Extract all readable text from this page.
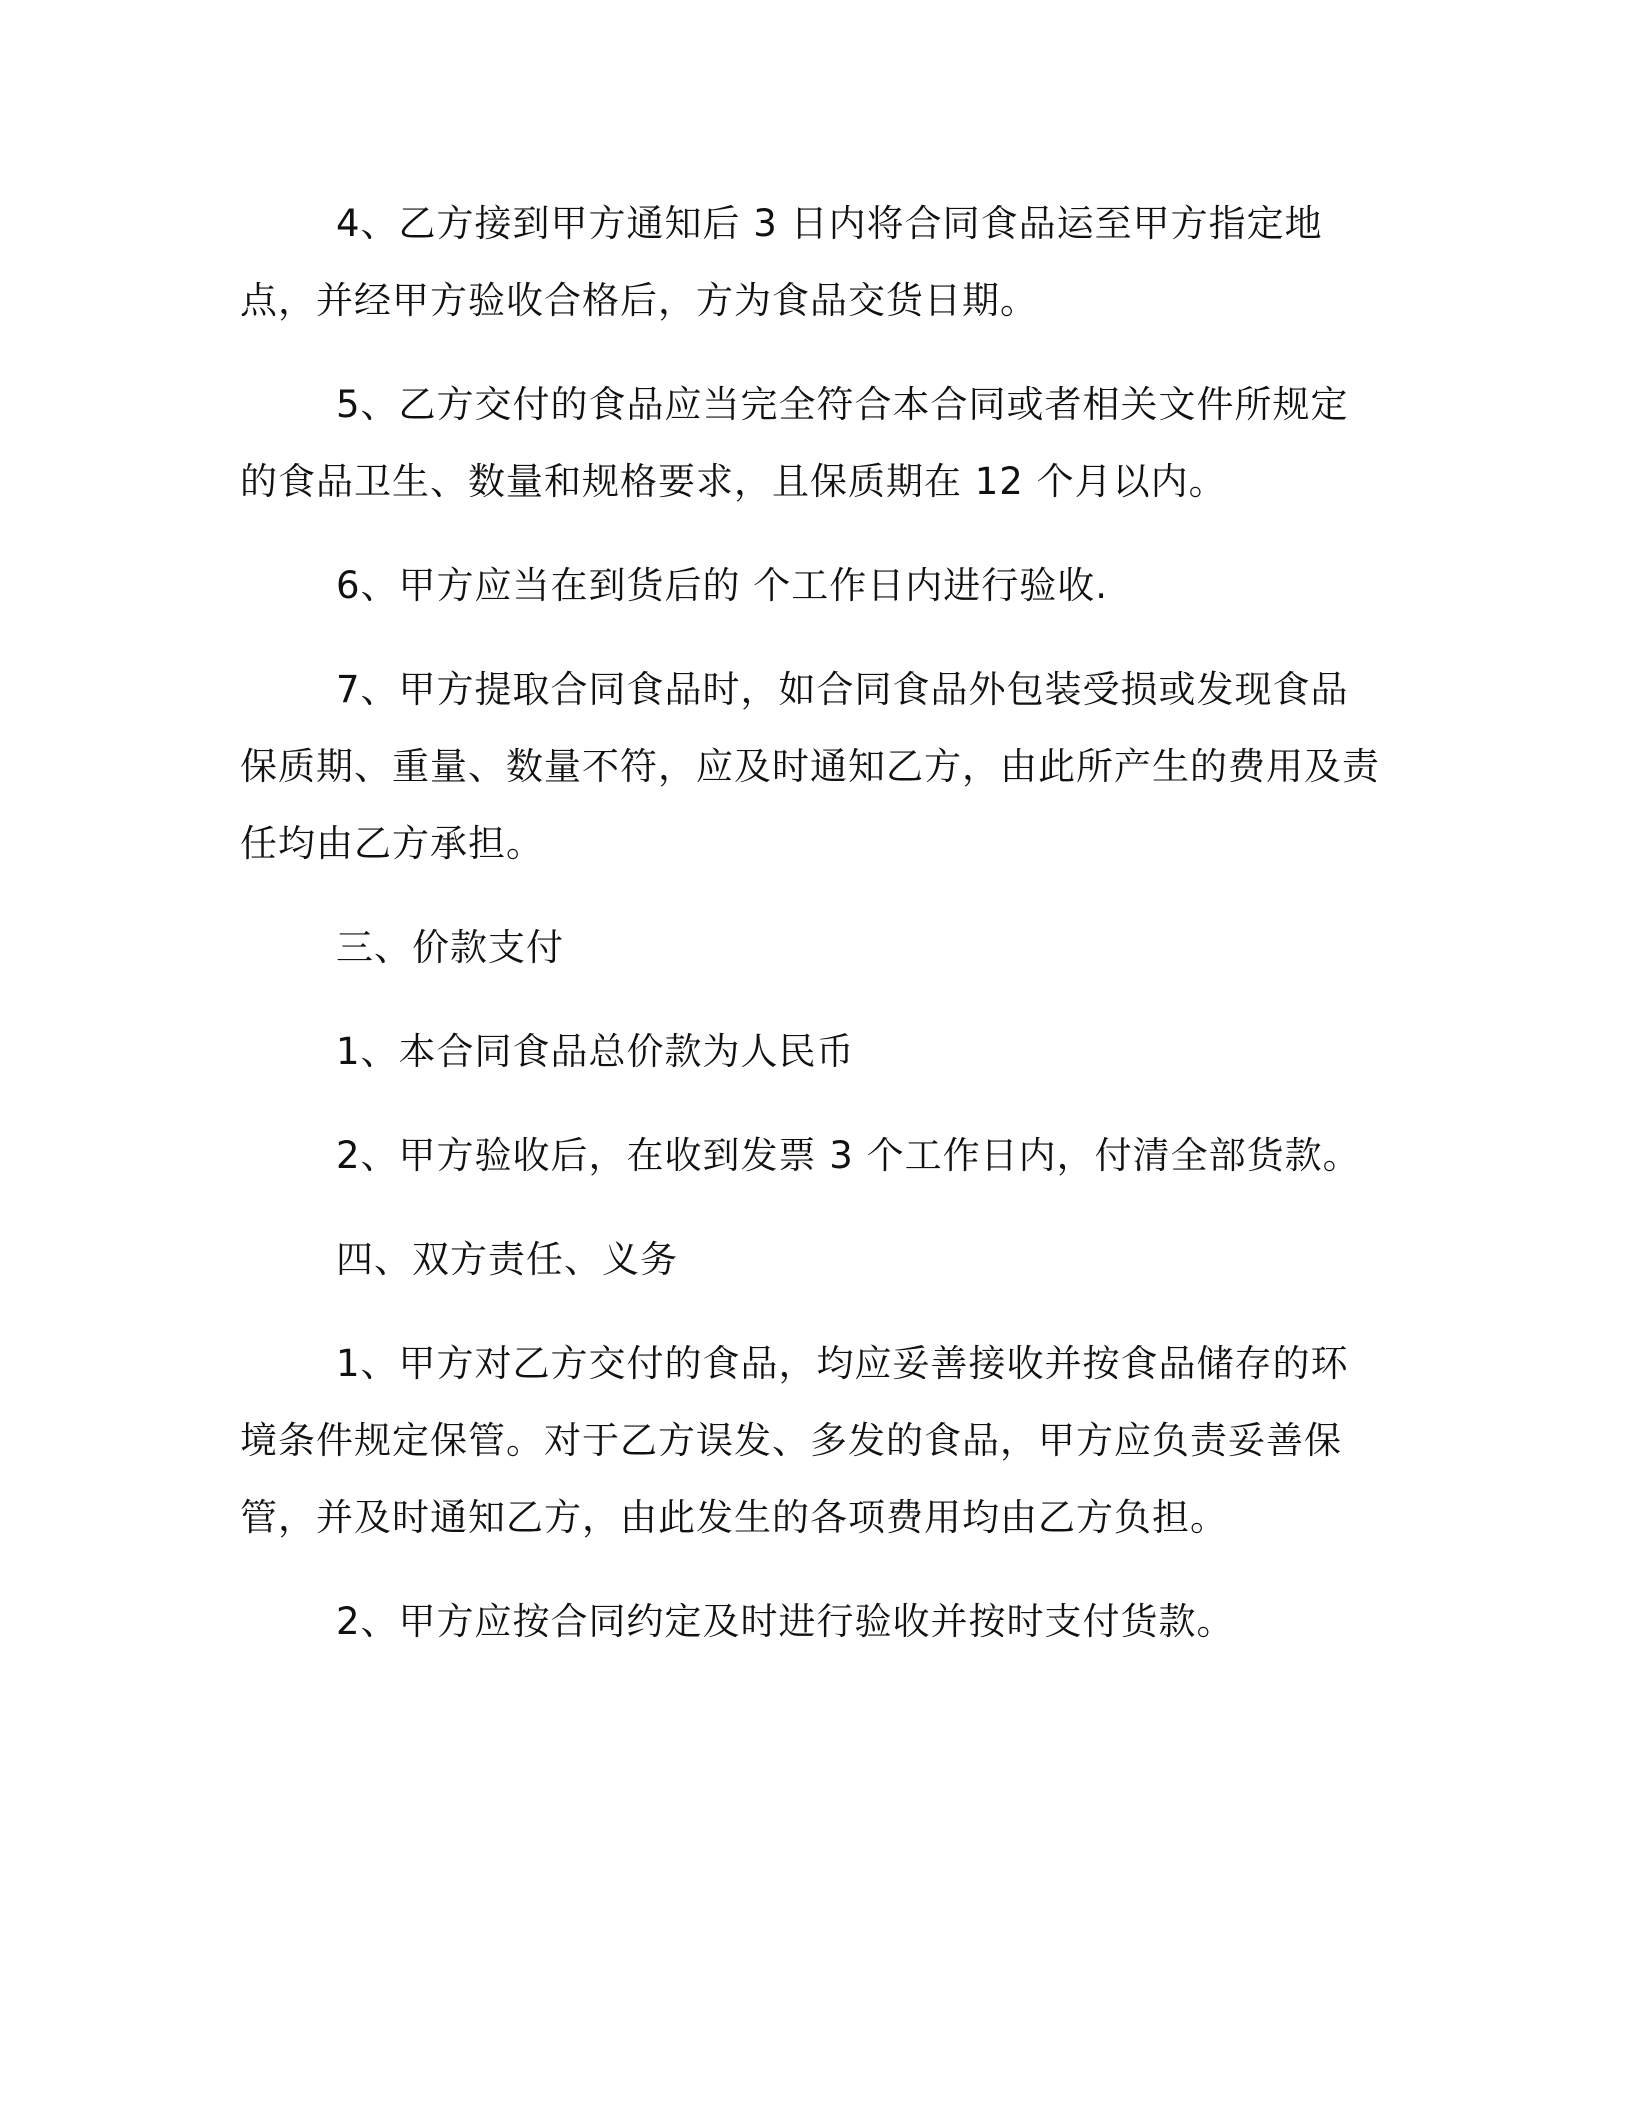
4、乙方接到甲方通知后 3 日内将合同食品运至甲方指定地点，并经甲方验收合格后，方为食品交货日期。

5、乙方交付的食品应当完全符合本合同或者相关文件所规定的食品卫生、数量和规格要求，且保质期在 12 个月以内。

6、甲方应当在到货后的 个工作日内进行验收.

7、甲方提取合同食品时，如合同食品外包装受损或发现食品保质期、重量、数量不符，应及时通知乙方，由此所产生的费用及责任均由乙方承担。

三、价款支付

1、本合同食品总价款为人民币

2、甲方验收后，在收到发票 3 个工作日内，付清全部货款。

四、双方责任、义务

1、甲方对乙方交付的食品，均应妥善接收并按食品储存的环境条件规定保管。对于乙方误发、多发的食品，甲方应负责妥善保管，并及时通知乙方，由此发生的各项费用均由乙方负担。

2、甲方应按合同约定及时进行验收并按时支付货款。
